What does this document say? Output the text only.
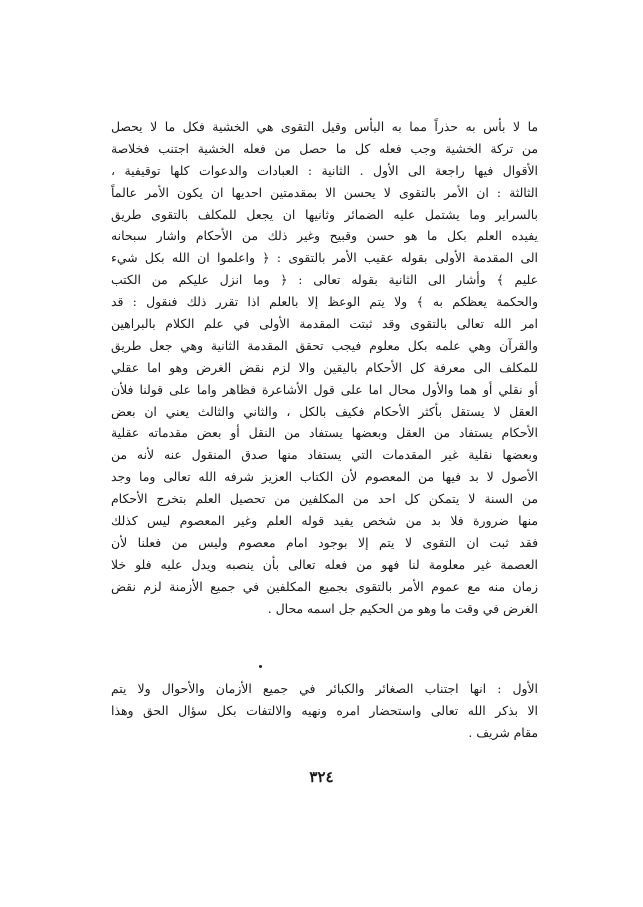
ما لا بأس به حذراً مما به البأس وقيل التقوى هي الخشية فكل ما لا يحصل
من تركة الخشية وجب فعله كل ما حصل من فعله الخشية اجتنب فخلاصة
الأقوال فيها راجعة الى الأول . الثانية : العبادات والدعوات كلها توقيفية ،
الثالثة : ان الأمر بالتقوى لا يحسن الا بمقدمتين احديها ان يكون الأمر عالماً
بالسراير وما يشتمل عليه الضمائر وثانيها ان يجعل للمكلف بالتقوى طريق
يفيده العلم بكل ما هو حسن وقبيح وغير ذلك من الأحكام واشار سبحانه
الى المقدمة الأولى بقوله عقيب الأمر بالتقوى : ﴿ واعلموا ان الله بكل شيء
عليم ﴾ وأشار الى الثانية بقوله تعالى : ﴿ وما انزل عليكم من الكتب
والحكمة يعظكم به ﴾ ولا يتم الوعظ إلا بالعلم اذا تقرر ذلك فنقول : قد
امر الله تعالى بالتقوى وقد ثبتت المقدمة الأولى في علم الكلام بالبراهين
والقرآن وهي علمه بكل معلوم فيجب تحقق المقدمة الثانية وهي جعل طريق
للمكلف الى معرفة كل الأحكام باليقين والا لزم نقض الغرض وهو اما عقلي
أو نقلي أو هما والأول محال اما على قول الأشاعرة فظاهر واما على قولنا فلأن
العقل لا يستقل بأكثر الأحكام فكيف بالكل ، والثاني والثالث يعني ان بعض
الأحكام يستفاد من العقل وبعضها يستفاد من النقل أو بعض مقدماته عقلية
وبعضها نقلية غير المقدمات التي يستفاد منها صدق المنقول عنه لأنه من
الأصول لا بد فيها من المعصوم لأن الكتاب العزيز شرفه الله تعالى وما وجد
من السنة لا يتمكن كل احد من المكلفين من تحصيل العلم بتخرج الأحكام
منها ضرورة فلا بد من شخص يفيد قوله العلم وغير المعصوم ليس كذلك
فقد ثبت ان التقوى لا يتم إلا بوجود امام معصوم وليس من فعلنا لأن
العصمة غير معلومة لنا فهو من فعله تعالى بأن ينصبه ويدل عليه فلو خلا
زمان منه مع عموم الأمر بالتقوى بجميع المكلفين في جميع الأزمنة لزم نقض
الغرض في وقت ما وهو من الحكيم جل اسمه محال .
الأول : انها اجتناب الصغائر والكبائر في جميع الأزمان والأحوال ولا يتم
الا بذكر الله تعالى واستحضار امره ونهيه والالتفات بكل سؤال الحق وهذا
مقام شريف .
٣٢٤
